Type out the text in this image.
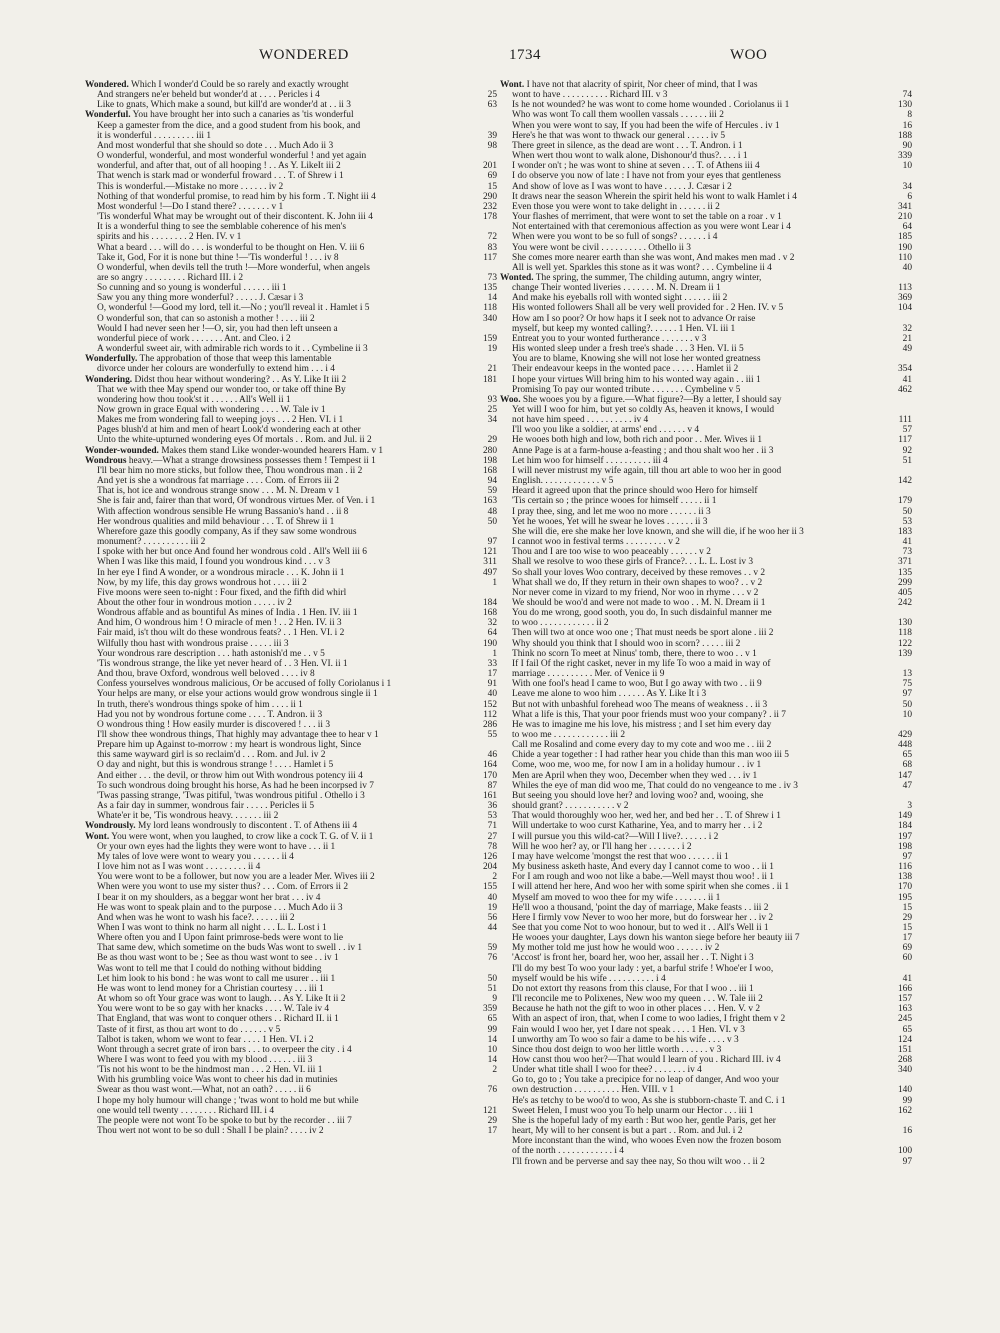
WONDERED	1734	WOO
Wondered. Which I wonder'd Could be so rarely and exactly wrought
And strangers ne'er beheld but wonder'd at . . . . Pericles i 4	25
Like to gnats, Which make a sound, but kill'd are wonder'd at . . ii 3	63
Wonderful. You have brought her into such a canaries as 'tis wonderful
Keep a gamester from the dice, and a good student from his book, and
it is wonderful . . . . . . . . . iii 1	39
And most wonderful that she should so dote . . . Much Ado ii 3	98
O wonderful, wonderful, and most wonderful wonderful ! and yet again
wonderful, and after that, out of all hooping ! . . As Y. LikeIt iii 2	201
That wench is stark mad or wonderful froward . . . T. of Shrew i 1	69
This is wonderful.—Mistake no more . . . . . . iv 2	15
Nothing of that wonderful promise, to read him by his form . T. Night iii 4	290
Most wonderful !—Do I stand there? . . . . . . . v 1	232
'Tis wonderful What may be wrought out of their discontent. K. John iii 4	178
It is a wonderful thing to see the semblable coherence of his men's
spirits and his . . . . . . . . 2 Hen. IV. v 1	72
What a beard . . . will do . . . is wonderful to be thought on Hen. V. iii 6	83
Take it, God, For it is none but thine !—'Tis wonderful ! . . . iv 8	117
O wonderful, when devils tell the truth !—More wonderful, when angels
are so angry . . . . . . . . . Richard III. i 2	73
So cunning and so young is wonderful . . . . . . iii 1	135
Saw you any thing more wonderful? . . . . . J. Cæsar i 3	14
O, wonderful !—Good my lord, tell it.—No ; you'll reveal it . Hamlet i 5	118
O wonderful son, that can so astonish a mother ! . . . . iii 2	340
Would I had never seen her !—O, sir, you had then left unseen a
wonderful piece of work . . . . . . . Ant. and Cleo. i 2	159
A wonderful sweet air, with admirable rich words to it . . Cymbeline ii 3	19
Wonderfully. The approbation of those that weep this lamentable
divorce under her colours are wonderfully to extend him . . . i 4	21
Wondering. Didst thou hear without wondering? . . As Y. Like It iii 2	181
That we with thee May spend our wonder too, or take off thine By
wondering how thou took'st it . . . . . . All's Well ii 1	93
Now grown in grace Equal with wondering . . . . W. Tale iv 1	25
Makes me from wondering fall to weeping joys . . . 2 Hen. VI. i 1	34
Pages blush'd at him and men of heart Look'd wondering each at other
Unto the white-upturned wondering eyes Of mortals . . Rom. and Jul. ii 2	29
Wonder-wounded. Makes them stand Like wonder-wounded hearers Ham. v 1	280
Wondrous heavy.—What a strange drowsiness possesses them ! Tempest ii 1	198
I'll bear him no more sticks, but follow thee, Thou wondrous man . ii 2	168
And yet is she a wondrous fat marriage . . . . Com. of Errors iii 2	94
That is, hot ice and wondrous strange snow . . . M. N. Dream v 1	59
She is fair and, fairer than that word, Of wondrous virtues Mer. of Ven. i 1	163
With affection wondrous sensible He wrung Bassanio's hand . . ii 8	48
Her wondrous qualities and mild behaviour . . . T. of Shrew ii 1	50
Wherefore gaze this goodly company, As if they saw some wondrous
monument? . . . . . . . . . . iii 2	97
I spoke with her but once And found her wondrous cold . All's Well iii 6	121
When I was like this maid, I found you wondrous kind . . . v 3	311
In her eye I find A wonder, or a wondrous miracle . . . K. John ii 1	497
Now, by my life, this day grows wondrous hot . . . . iii 2	1
Five moons were seen to-night : Four fixed, and the fifth did whirl
About the other four in wondrous motion . . . . . iv 2	184
Wondrous affable and as bountiful As mines of India . 1 Hen. IV. iii 1	168
And him, O wondrous him ! O miracle of men ! . . 2 Hen. IV. ii 3	32
Fair maid, is't thou wilt do these wondrous feats? . . 1 Hen. VI. i 2	64
Wilfully thou hast with wondrous praise . . . . . iii 3	190
Your wondrous rare description . . . hath astonish'd me . . v 5	1
'Tis wondrous strange, the like yet never heard of . . 3 Hen. VI. ii 1	33
And thou, brave Oxford, wondrous well beloved . . . . iv 8	17
Confess yourselves wondrous malicious, Or be accused of folly Coriolanus i 1	91
Your helps are many, or else your actions would grow wondrous single ii 1	40
In truth, there's wondrous things spoke of him . . . . ii 1	152
Had you not by wondrous fortune come . . . . T. Andron. ii 3	112
O wondrous thing ! How easily murder is discovered ! . . . ii 3	286
I'll show thee wondrous things, That highly may advantage thee to hear v 1	55
Prepare him up Against to-morrow : my heart is wondrous light, Since
this same wayward girl is so reclaim'd . . . Rom. and Jul. iv 2	46
O day and night, but this is wondrous strange ! . . . . Hamlet i 5	164
And either . . . the devil, or throw him out With wondrous potency iii 4	170
To such wondrous doing brought his horse, As had he been incorpsed iv 7	87
'Twas passing strange, 'Twas pitiful, 'twas wondrous pitiful . Othello i 3	161
As a fair day in summer, wondrous fair . . . . . Pericles ii 5	36
Whate'er it be, 'Tis wondrous heavy. . . . . . . iii 2	53
Wondrously. My lord leans wondrously to discontent . T. of Athens iii 4	71
Wont. You were wont, when you laughed, to crow like a cock T. G. of V. ii 1	27
Or your own eyes had the lights they were wont to have . . . ii 1	78
My tales of love were wont to weary you . . . . . . ii 4	126
I love him not as I was wont . . . . . . . . . ii 4	204
You were wont to be a follower, but now you are a leader Mer. Wives iii 2	2
When were you wont to use my sister thus? . . . Com. of Errors ii 2	155
I bear it on my shoulders, as a beggar wont her brat . . . iv 4	40
He was wont to speak plain and to the purpose . . . Much Ado ii 3	19
And when was he wont to wash his face?. . . . . . iii 2	56
When I was wont to think no harm all night . . . L. L. Lost i 1	44
Where often you and I Upon faint primrose-beds were wont to lie
That same dew, which sometime on the buds Was wont to swell . . iv 1	59
Be as thou wast wont to be ; See as thou wast wont to see . . iv 1	76
Was wont to tell me that I could do nothing without bidding
Let him look to his bond : he was wont to call me usurer . . iii 1	50
He was wont to lend money for a Christian courtesy . . . iii 1	51
At whom so oft Your grace was wont to laugh. . . As Y. Like It ii 2	9
You were wont to be so gay with her knacks . . . . W. Tale iv 4	359
That England, that was wont to conquer others . . Richard II. ii 1	65
Taste of it first, as thou art wont to do . . . . . . v 5	99
Talbot is taken, whom we wont to fear . . . . 1 Hen. VI. i 2	14
Wont through a secret grate of iron bars . . . to overpeer the city . i 4	10
Where I was wont to feed you with my blood . . . . . . iii 3	14
'Tis not his wont to be the hindmost man . . . 2 Hen. VI. iii 1	2
With his grumbling voice Was wont to cheer his dad in mutinies
Swear as thou wast wont.—What, not an oath? . . . . . ii 6	76
I hope my holy humour will change ; 'twas wont to hold me but while
one would tell twenty . . . . . . . . Richard III. i 4	121
The people were not wont To be spoke to but by the recorder . . iii 7	29
Thou wert not wont to be so dull : Shall I be plain? . . . . iv 2	17
Wont. I have not that alacrity of spirit, Nor cheer of mind, that I was
wont to have . . . . . . . . . . Richard III. v 3	74
Is he not wounded? he was wont to come home wounded . Coriolanus ii 1	130
Who was wont To call them woollen vassals . . . . . . iii 2	8
When you were wont to say, If you had been the wife of Hercules . iv 1	16
Here's he that was wont to thwack our general . . . . . iv 5	188
There greet in silence, as the dead are wont . . . T. Andron. i 1	90
When wert thou wont to walk alone, Dishonour'd thus?. . . . i 1	339
I wonder on't ; he was wont to shine at seven . . . T. of Athens iii 4	10
I do observe you now of late : I have not from your eyes that gentleness
And show of love as I was wont to have . . . . . J. Cæsar i 2	34
It draws near the season Wherein the spirit held his wont to walk Hamlet i 4	6
Even those you were wont to take delight in . . . . . . ii 2	341
Your flashes of merriment, that were wont to set the table on a roar . v 1	210
Not entertained with that ceremonious affection as you were wont Lear i 4	64
When were you wont to be so full of songs? . . . . . . i 4	185
You were wont be civil . . . . . . . . . . Othello ii 3	190
She comes more nearer earth than she was wont, And makes men mad . v 2	110
All is well yet. Sparkles this stone as it was wont? . . . Cymbeline ii 4	40
Wonted. The spring, the summer, The childing autumn, angry winter,
change Their wonted liveries . . . . . . . M. N. Dream ii 1	113
And make his eyeballs roll with wonted sight . . . . . . iii 2	369
His wonted followers Shall all be very well provided for . 2 Hen. IV. v 5	104
How am I so poor? Or how haps it I seek not to advance Or raise
myself, but keep my wonted calling?. . . . . . 1 Hen. VI. iii 1	32
Entreat you to your wonted furtherance . . . . . . . v 3	21
His wonted sleep under a fresh tree's shade . . . 3 Hen. VI. ii 5	49
You are to blame, Knowing she will not lose her wonted greatness
Their endeavour keeps in the wonted pace . . . . . Hamlet ii 2	354
I hope your virtues Will bring him to his wonted way again . . iii 1	41
Promising To pay our wonted tribute . . . . . . . Cymbeline v 5	462
Woo. She wooes you by a figure.—What figure?—By a letter, I should say
Yet will I woo for him, but yet so coldly As, heaven it knows, I would
not have him speed . . . . . . . . . . iv 4	111
I'll woo you like a soldier, at arms' end . . . . . . v 4	57
He wooes both high and low, both rich and poor . . Mer. Wives ii 1	117
Anne Page is at a farm-house a-feasting ; and thou shalt woo her . ii 3	92
Let him woo for himself . . . . . . . . . . iii 4	51
I will never mistrust my wife again, till thou art able to woo her in good
English. . . . . . . . . . . . . v 5	142
Heard it agreed upon that the prince should woo Hero for himself
'Tis certain so ; the prince wooes for himself . . . . . ii 1	179
I pray thee, sing, and let me woo no more . . . . . . ii 3	50
Yet he wooes, Yet will he swear he loves . . . . . . ii 3	53
She will die, ere she make her love known, and she will die, if he woo her ii 3	183
I cannot woo in festival terms . . . . . . . . . v 2	41
Thou and I are too wise to woo peaceably . . . . . . v 2	73
Shall we resolve to woo these girls of France?. . . L. L. Lost iv 3	371
So shall your loves Woo contrary, deceived by these removes . . v 2	135
What shall we do, If they return in their own shapes to woo? . . v 2	299
Nor never come in vizard to my friend, Nor woo in rhyme . . . v 2	405
We should be woo'd and were not made to woo . . M. N. Dream ii 1	242
You do me wrong, good sooth, you do, In such disdainful manner me
to woo . . . . . . . . . . . . ii 2	130
Then will two at once woo one ; That must needs be sport alone . iii 2	118
Why should you think that I should woo in scorn? . . . . . iii 2	122
Think no scorn To meet at Ninus' tomb, there, there to woo . . v 1	139
If I fail Of the right casket, never in my life To woo a maid in way of
marriage . . . . . . . . . . Mer. of Venice ii 9	13
With one fool's head I came to woo, But I go away with two . . ii 9	75
Leave me alone to woo him . . . . . . As Y. Like It i 3	97
But not with unbashful forehead woo The means of weakness . . ii 3	50
What a life is this, That your poor friends must woo your company? . ii 7	10
He was to imagine me his love, his mistress ; and I set him every day
to woo me . . . . . . . . . . . . iii 2	429
Call me Rosalind and come every day to my cote and woo me . . iii 2	448
Chide a year together : I had rather hear you chide than this man woo iii 5	65
Come, woo me, woo me, for now I am in a holiday humour . . iv 1	68
Men are April when they woo, December when they wed . . . iv 1	147
Whiles the eye of man did woo me, That could do no vengeance to me . iv 3	47
But seeing you should love her? and loving woo? and, wooing, she
should grant? . . . . . . . . . . . v 2	3
That would thoroughly woo her, wed her, and bed her . . T. of Shrew i 1	149
Will undertake to woo curst Katharine, Yea, and to marry her . . i 2	184
I will pursue you this wild-cat?—Will I live?. . . . . . i 2	197
Will he woo her? ay, or I'll hang her . . . . . . . i 2	198
I may have welcome 'mongst the rest that woo . . . . . . ii 1	97
My business asketh haste, And every day I cannot come to woo . . ii 1	116
For I am rough and woo not like a babe.—Well mayst thou woo! . ii 1	138
I will attend her here, And woo her with some spirit when she comes . ii 1	170
Myself am moved to woo thee for my wife . . . . . . . ii 1	195
He'll woo a thousand, 'point the day of marriage, Make feasts . . iii 2	15
Here I firmly vow Never to woo her more, but do forswear her . . iv 2	29
See that you come Not to woo honour, but to wed it . . All's Well ii 1	15
He wooes your daughter, Lays down his wanton siege before her beauty iii 7	17
My mother told me just how he would woo . . . . . . iv 2	69
'Accost' is front her, board her, woo her, assail her . . T. Night i 3	60
I'll do my best To woo your lady : yet, a barful strife ! Whoe'er I woo,
myself would be his wife . . . . . . . . . . i 4	41
Do not extort thy reasons from this clause, For that I woo . . iii 1	166
I'll reconcile me to Polixenes, New woo my queen . . . W. Tale iii 2	157
Because he hath not the gift to woo in other places . . . Hen. V. v 2	163
With an aspect of iron, that, when I come to woo ladies, I fright them v 2	245
Fain would I woo her, yet I dare not speak . . . . 1 Hen. VI. v 3	65
I unworthy am To woo so fair a dame to be his wife . . . . v 3	124
Since thou dost deign to woo her little worth . . . . . . v 3	151
How canst thou woo her?—That would I learn of you . Richard III. iv 4	268
Under what title shall I woo for thee? . . . . . . . iv 4	340
Go to, go to ; You take a precipice for no leap of danger, And woo your
own destruction . . . . . . . . . . Hen. VIII. v 1	140
He's as tetchy to be woo'd to woo, As she is stubborn-chaste T. and C. i 1	99
Sweet Helen, I must woo you To help unarm our Hector . . . iii 1	162
She is the hopeful lady of my earth : But woo her, gentle Paris, get her
heart, My will to her consent is but a part . . Rom. and Jul. i 2	16
More inconstant than the wind, who wooes Even now the frozen bosom
of the north . . . . . . . . . . . . i 4	100
I'll frown and be perverse and say thee nay, So thou wilt woo . . ii 2	97
